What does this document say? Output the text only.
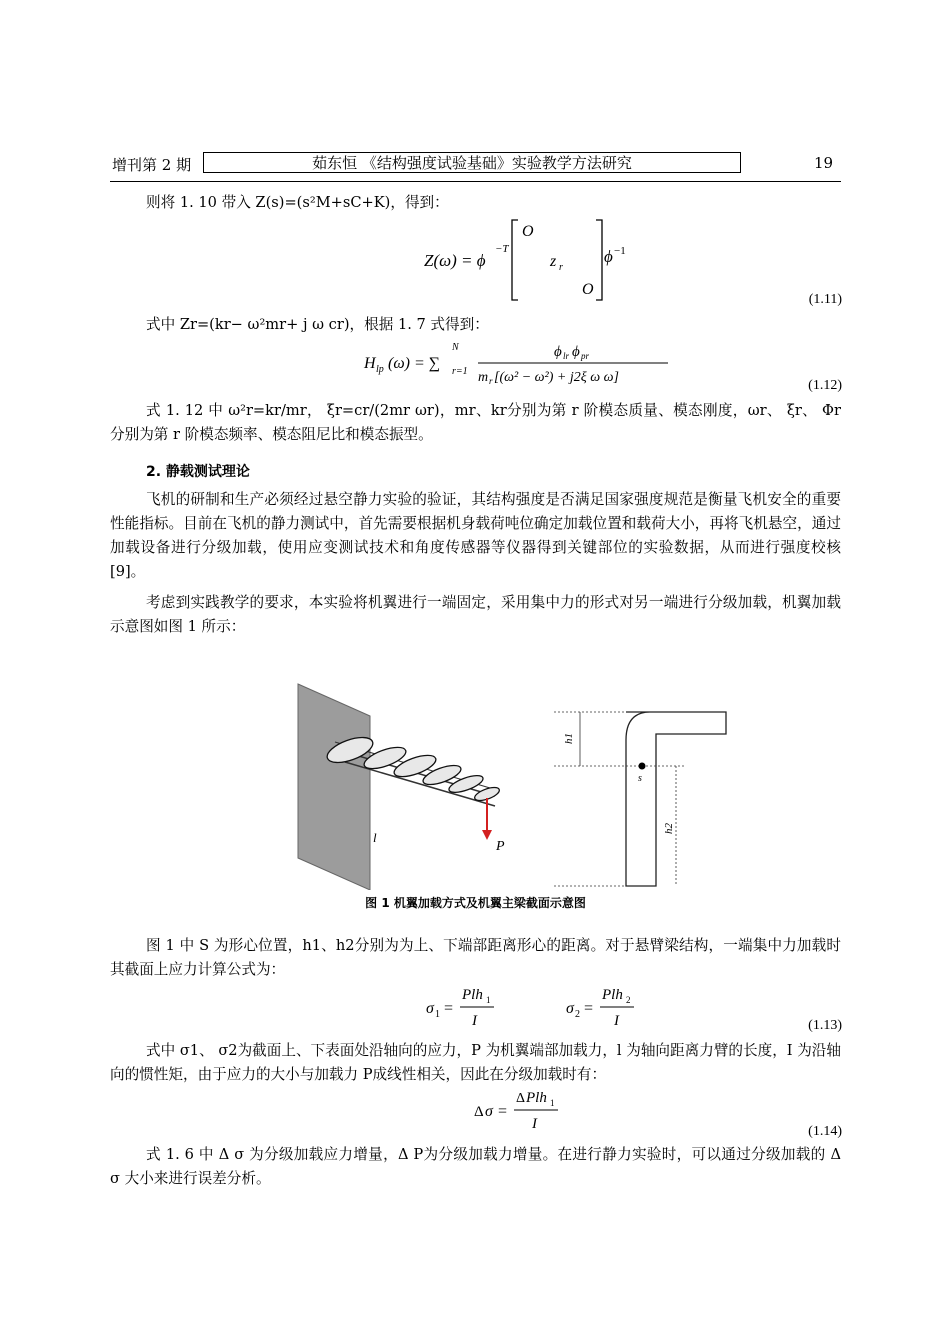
增刊第 2 期	茹东恒 《结构强度试验基础》实验教学方法研究	19
则将 1. 10 带入 Z(s)=(s²M+sC+K)，得到：
Z(ω) = ϕ
−T
O
z r
O
ϕ −1
(1.11)
式中 Zr=(kr− ω²mr+ j ω cr)，根据 1. 7 式得到：
H lp (ω) = ∑ r=1
N	ϕ lr ϕ pr
m r [(ω² − ω²) + j2ξ ω ω]
(1.12)
式 1. 12 中 ω²r=kr/mr， ξr=cr/(2mr ωr)，mr、kr分别为第 r 阶模态质量、模态刚度，ωr、 ξr、 Φr 分别为第 r 阶模态频率、模态阻尼比和模态振型。
2. 静载测试理论
飞机的研制和生产必须经过悬空静力实验的验证，其结构强度是否满足国家强度规范是衡量飞机安全的重要性能指标。目前在飞机的静力测试中，首先需要根据机身载荷吨位确定加载位置和载荷大小，再将飞机悬空，通过加载设备进行分级加载，使用应变测试技术和角度传感器等仪器得到关键部位的实验数据，从而进行强度校核[9]。
考虑到实践教学的要求，本实验将机翼进行一端固定，采用集中力的形式对另一端进行分级加载，机翼加载示意图如图 1 所示：
P
l
s
h1
h2
图 1 机翼加载方式及机翼主梁截面示意图
图 1 中 S 为形心位置，h1、h2分别为为上、下端部距离形心的距离。对于悬臂梁结构，一端集中力加载时其截面上应力计算公式为：
σ 1 =
Plh 1
I
σ 2 =
Plh 2
I	(1.13)
式中 σ1、 σ2为截面上、下表面处沿轴向的应力，P 为机翼端部加载力，l 为轴向距离力臂的长度，I 为沿轴向的惯性矩，由于应力的大小与加载力 P成线性相关，因此在分级加载时有：
Δ σ =
Δ Plh 1
I	(1.14)
式 1. 6 中 Δ σ 为分级加载应力增量，Δ P为分级加载力增量。在进行静力实验时，可以通过分级加载的 Δ σ 大小来进行误差分析。
